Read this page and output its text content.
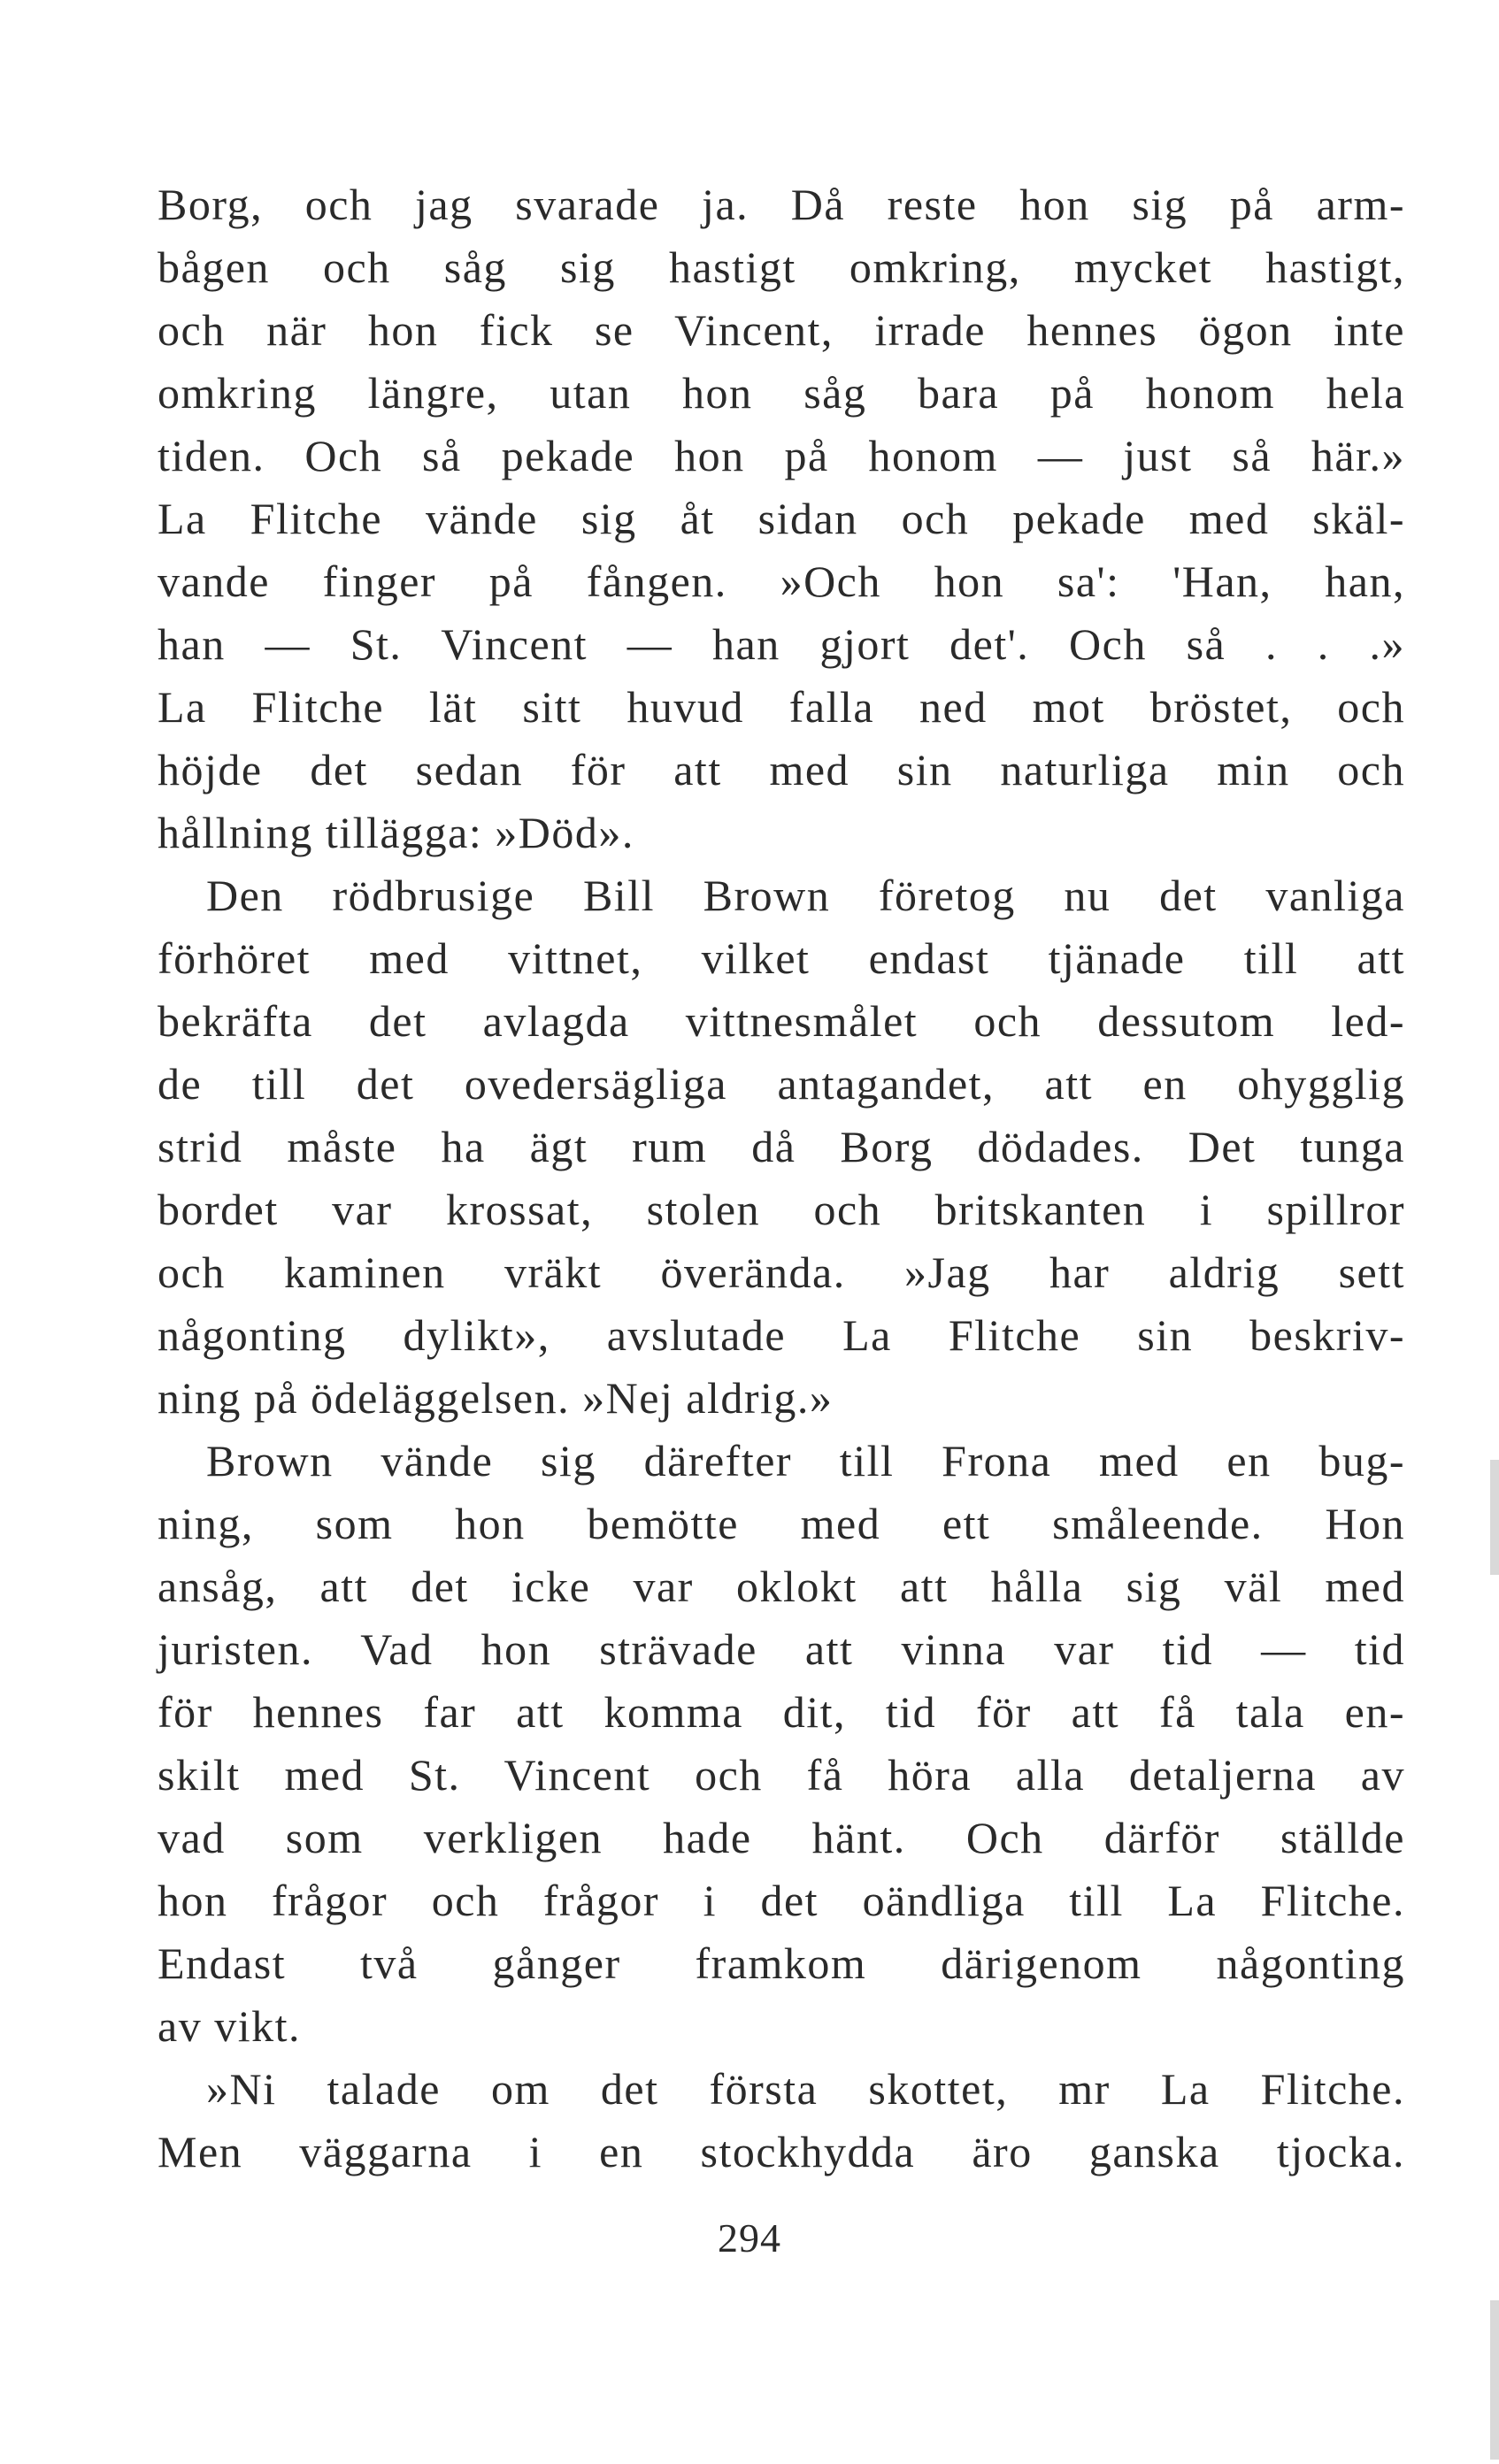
Borg, och jag svarade ja. Då reste hon sig på arm-
bågen och såg sig hastigt omkring, mycket hastigt,
och när hon fick se Vincent, irrade hennes ögon inte
omkring längre, utan hon såg bara på honom hela
tiden. Och så pekade hon på honom — just så här.»
La Flitche vände sig åt sidan och pekade med skäl-
vande finger på fången. »Och hon sa': 'Han, han,
han — St. Vincent — han gjort det'. Och så . . .»
La Flitche lät sitt huvud falla ned mot bröstet, och
höjde det sedan för att med sin naturliga min och
hållning tillägga: »Död».
Den rödbrusige Bill Brown företog nu det vanliga
förhöret med vittnet, vilket endast tjänade till att
bekräfta det avlagda vittnesmålet och dessutom led-
de till det ovedersägliga antagandet, att en ohygglig
strid måste ha ägt rum då Borg dödades. Det tunga
bordet var krossat, stolen och britskanten i spillror
och kaminen vräkt överända. »Jag har aldrig sett
någonting dylikt», avslutade La Flitche sin beskriv-
ning på ödeläggelsen. »Nej aldrig.»
Brown vände sig därefter till Frona med en bug-
ning, som hon bemötte med ett småleende. Hon
ansåg, att det icke var oklokt att hålla sig väl med
juristen. Vad hon strävade att vinna var tid — tid
för hennes far att komma dit, tid för att få tala en-
skilt med St. Vincent och få höra alla detaljerna av
vad som verkligen hade hänt. Och därför ställde
hon frågor och frågor i det oändliga till La Flitche.
Endast två gånger framkom därigenom någonting
av vikt.
»Ni talade om det första skottet, mr La Flitche.
Men väggarna i en stockhydda äro ganska tjocka.
294
